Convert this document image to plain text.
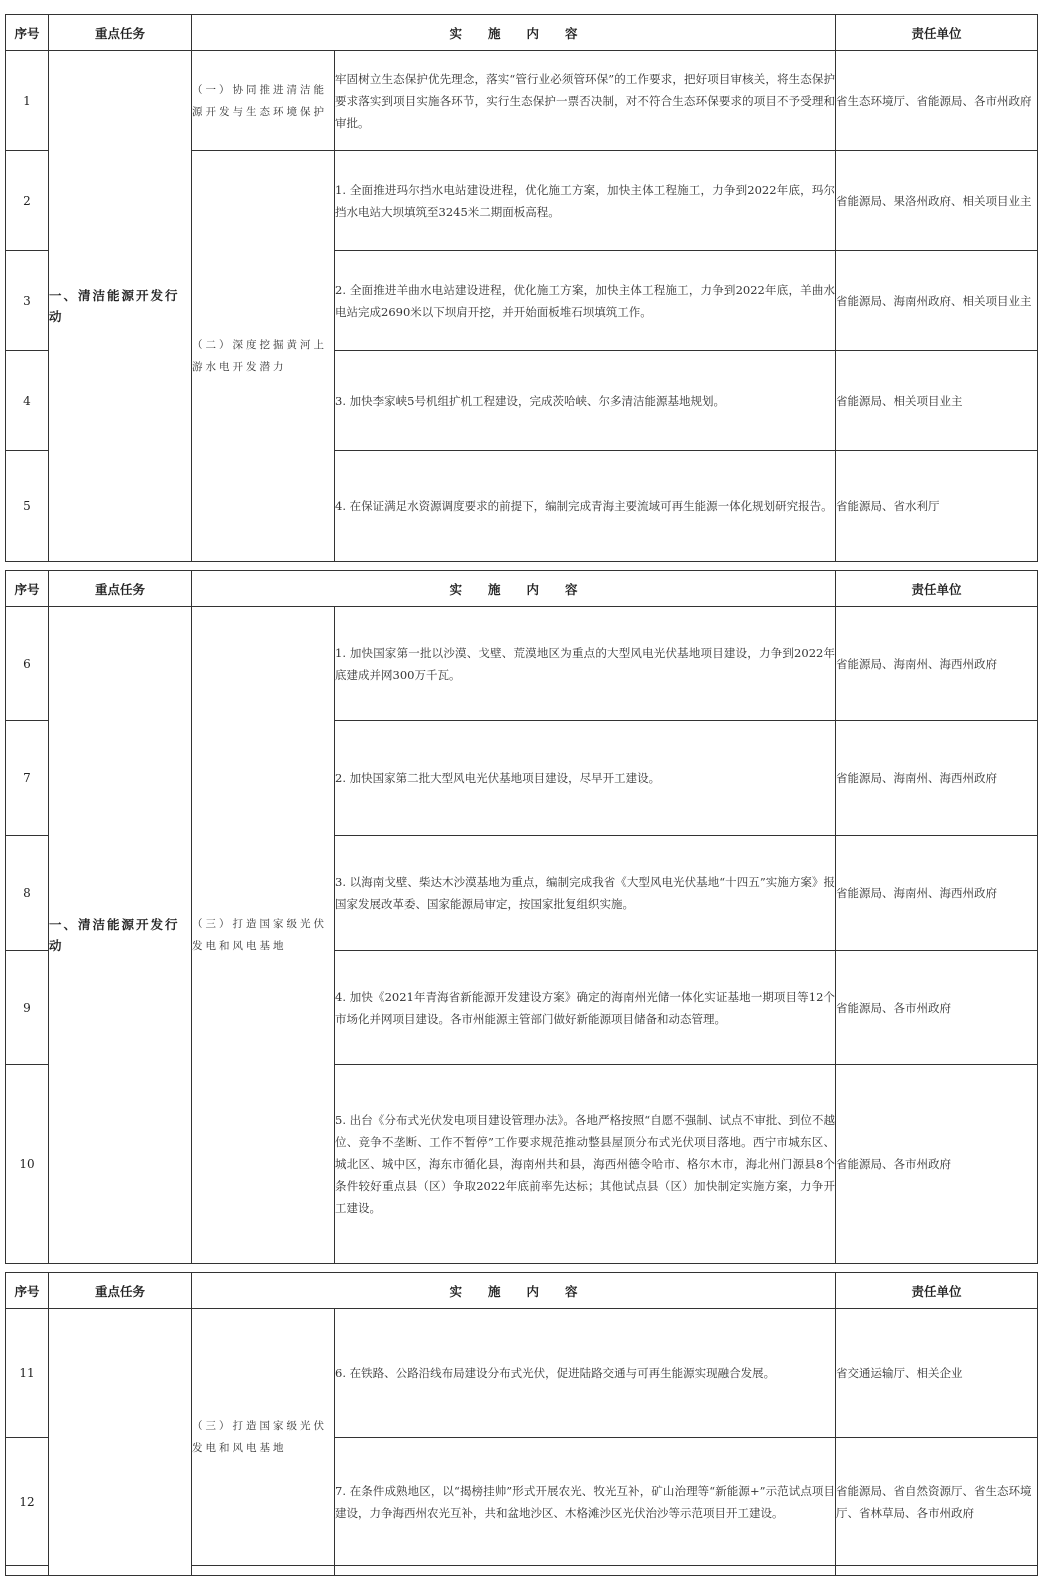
序号	重点任务	实施内容		责任单位
1	一、清洁能源开发行动	（一）协同推进清洁能源开发与生态环境保护	牢固树立生态保护优先理念，落实“管行业必须管环保”的工作要求，把好项目审核关，将生态保护要求落实到项目实施各环节，实行生态保护一票否决制，对不符合生态环保要求的项目不予受理和审批。	省生态环境厅、省能源局、各市州政府
2		（二）深度挖掘黄河上游水电开发潜力	1. 全面推进玛尔挡水电站建设进程，优化施工方案，加快主体工程施工，力争到2022年底，玛尔挡水电站大坝填筑至3245米二期面板高程。	省能源局、果洛州政府、相关项目业主
3			2. 全面推进羊曲水电站建设进程，优化施工方案，加快主体工程施工，力争到2022年底，羊曲水电站完成2690米以下坝肩开挖，并开始面板堆石坝填筑工作。	省能源局、海南州政府、相关项目业主
4			3. 加快李家峡5号机组扩机工程建设，完成茨哈峡、尔多清洁能源基地规划。	省能源局、相关项目业主
5			4. 在保证满足水资源调度要求的前提下，编制完成青海主要流域可再生能源一体化规划研究报告。	省能源局、省水利厅
序号	重点任务	实施内容		责任单位
6	一、清洁能源开发行动	（三）打造国家级光伏发电和风电基地	1. 加快国家第一批以沙漠、戈壁、荒漠地区为重点的大型风电光伏基地项目建设，力争到2022年底建成并网300万千瓦。	省能源局、海南州、海西州政府
7			2. 加快国家第二批大型风电光伏基地项目建设，尽早开工建设。	省能源局、海南州、海西州政府
8			3. 以海南戈壁、柴达木沙漠基地为重点，编制完成我省《大型风电光伏基地“十四五”实施方案》报国家发展改革委、国家能源局审定，按国家批复组织实施。	省能源局、海南州、海西州政府
9			4. 加快《2021年青海省新能源开发建设方案》确定的海南州光储一体化实证基地一期项目等12个市场化并网项目建设。各市州能源主管部门做好新能源项目储备和动态管理。	省能源局、各市州政府
10			5. 出台《分布式光伏发电项目建设管理办法》。各地严格按照“自愿不强制、试点不审批、到位不越位、竞争不垄断、工作不暂停”工作要求规范推动整县屋顶分布式光伏项目落地。西宁市城东区、城北区、城中区，海东市循化县，海南州共和县，海西州德令哈市、格尔木市，海北州门源县8个条件较好重点县（区）争取2022年底前率先达标；其他试点县（区）加快制定实施方案，力争开工建设。	省能源局、各市州政府
序号	重点任务	实施内容		责任单位
11		（三）打造国家级光伏发电和风电基地	6. 在铁路、公路沿线布局建设分布式光伏，促进陆路交通与可再生能源实现融合发展。	省交通运输厅、相关企业
12			7. 在条件成熟地区，以“揭榜挂帅”形式开展农光、牧光互补，矿山治理等“新能源+”示范试点项目建设，力争海西州农光互补，共和盆地沙区、木格滩沙区光伏治沙等示范项目开工建设。	省能源局、省自然资源厅、省生态环境厅、省林草局、各市州政府
